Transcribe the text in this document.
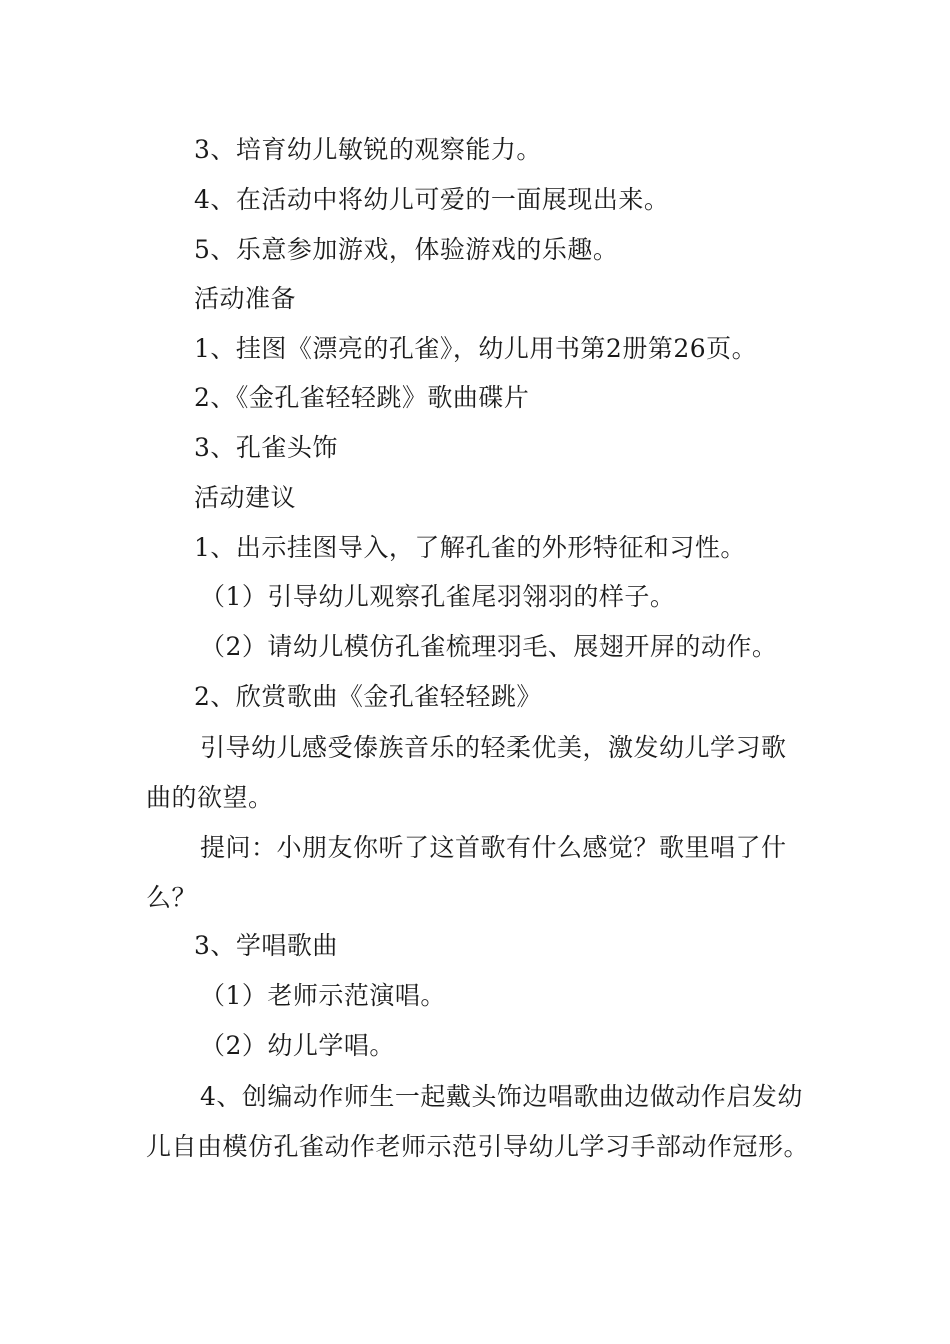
3、培育幼儿敏锐的观察能力。
4、在活动中将幼儿可爱的一面展现出来。
5、乐意参加游戏，体验游戏的乐趣。
活动准备
1、挂图《漂亮的孔雀》，幼儿用书第2册第26页。
2、《金孔雀轻轻跳》歌曲碟片
3、孔雀头饰
活动建议
1、出示挂图导入，了解孔雀的外形特征和习性。
（1）引导幼儿观察孔雀尾羽翎羽的样子。
（2）请幼儿模仿孔雀梳理羽毛、展翅开屏的动作。
2、欣赏歌曲《金孔雀轻轻跳》
引导幼儿感受傣族音乐的轻柔优美，激发幼儿学习歌
曲的欲望。
提问：小朋友你听了这首歌有什么感觉？歌里唱了什
么？
3、学唱歌曲
（1）老师示范演唱。
（2）幼儿学唱。
4、创编动作师生一起戴头饰边唱歌曲边做动作启发幼
儿自由模仿孔雀动作老师示范引导幼儿学习手部动作冠形。
